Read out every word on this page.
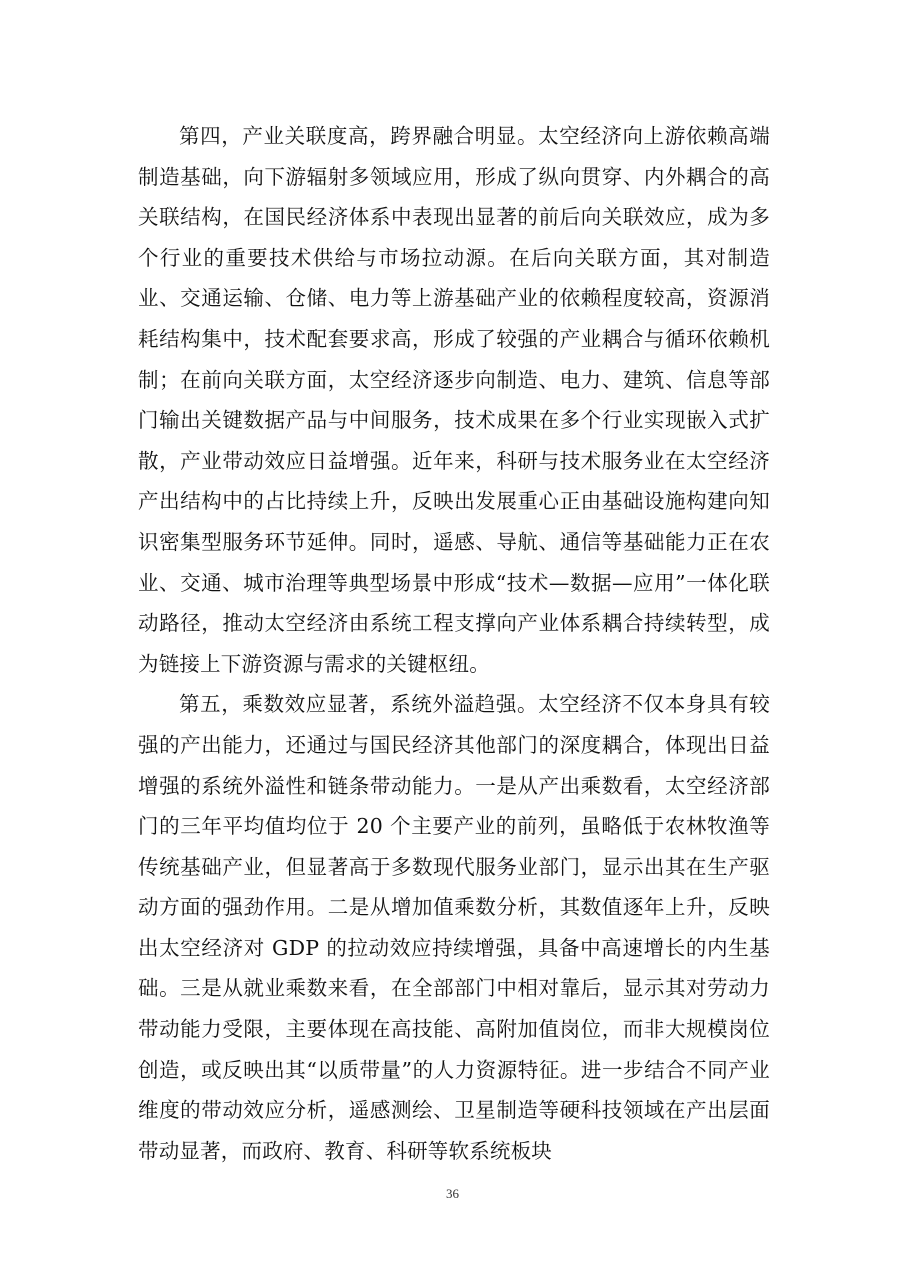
第四，产业关联度高，跨界融合明显。太空经济向上游依赖高端制造基础，向下游辐射多领域应用，形成了纵向贯穿、内外耦合的高关联结构，在国民经济体系中表现出显著的前后向关联效应，成为多个行业的重要技术供给与市场拉动源。在后向关联方面，其对制造业、交通运输、仓储、电力等上游基础产业的依赖程度较高，资源消耗结构集中，技术配套要求高，形成了较强的产业耦合与循环依赖机制；在前向关联方面，太空经济逐步向制造、电力、建筑、信息等部门输出关键数据产品与中间服务，技术成果在多个行业实现嵌入式扩散，产业带动效应日益增强。近年来，科研与技术服务业在太空经济产出结构中的占比持续上升，反映出发展重心正由基础设施构建向知识密集型服务环节延伸。同时，遥感、导航、通信等基础能力正在农业、交通、城市治理等典型场景中形成“技术—数据—应用”一体化联动路径，推动太空经济由系统工程支撑向产业体系耦合持续转型，成为链接上下游资源与需求的关键枢纽。

第五，乘数效应显著，系统外溢趋强。太空经济不仅本身具有较强的产出能力，还通过与国民经济其他部门的深度耦合，体现出日益增强的系统外溢性和链条带动能力。一是从产出乘数看，太空经济部门的三年平均值均位于 20 个主要产业的前列，虽略低于农林牧渔等传统基础产业，但显著高于多数现代服务业部门，显示出其在生产驱动方面的强劲作用。二是从增加值乘数分析，其数值逐年上升，反映出太空经济对 GDP 的拉动效应持续增强，具备中高速增长的内生基础。三是从就业乘数来看，在全部部门中相对靠后，显示其对劳动力带动能力受限，主要体现在高技能、高附加值岗位，而非大规模岗位创造，或反映出其“以质带量”的人力资源特征。进一步结合不同产业维度的带动效应分析，遥感测绘、卫星制造等硬科技领域在产出层面带动显著，而政府、教育、科研等软系统板块

36
